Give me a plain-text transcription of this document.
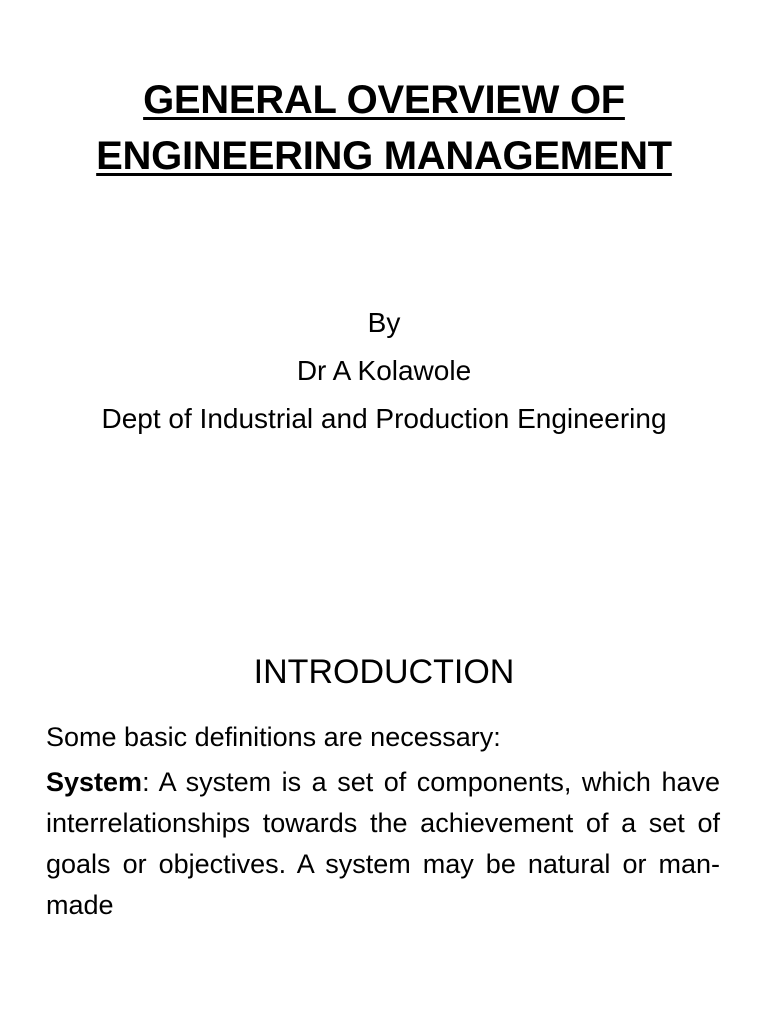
GENERAL OVERVIEW OF
ENGINEERING MANAGEMENT
By
Dr A Kolawole
Dept of Industrial and Production Engineering
INTRODUCTION
Some basic definitions are necessary:
System: A system is a set of components, which have interrelationships towards the achievement of a set of goals or objectives. A system may be natural or man- made
